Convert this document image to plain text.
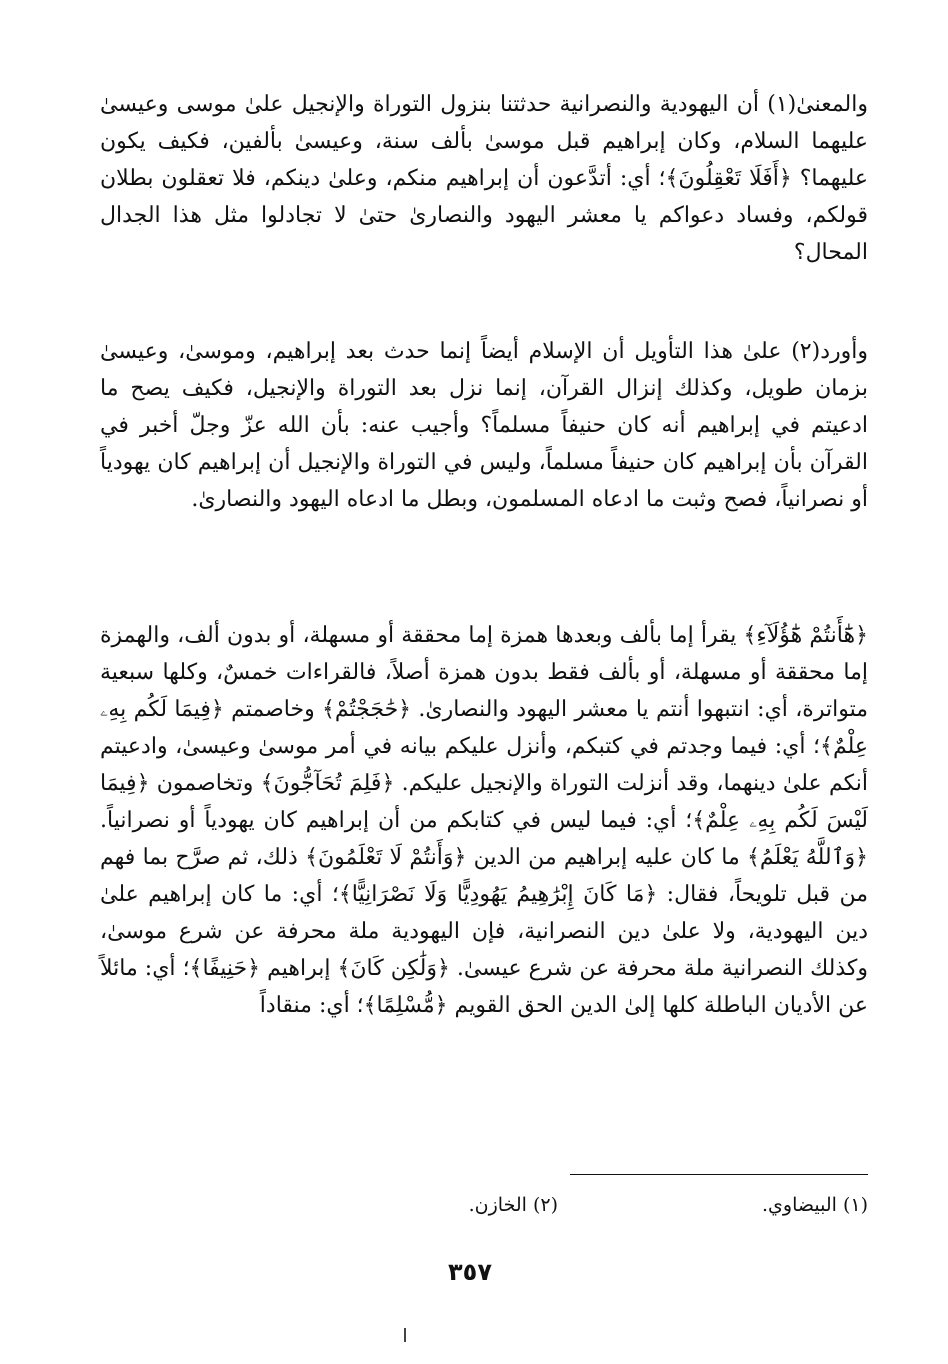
والمعنىٰ(١) أن اليهودية والنصرانية حدثتنا بنزول التوراة والإنجيل علىٰ موسى وعيسىٰ عليهما السلام، وكان إبراهيم قبل موسىٰ بألف سنة، وعيسىٰ بألفين، فكيف يكون عليهما؟ ﴿أَفَلَا تَعْقِلُونَ﴾؛ أي: أتدَّعون أن إبراهيم منكم، وعلىٰ دينكم، فلا تعقلون بطلان قولكم، وفساد دعواكم يا معشر اليهود والنصارىٰ حتىٰ لا تجادلوا مثل هذا الجدال المحال؟

وأورد(٢) علىٰ هذا التأويل أن الإسلام أيضاً إنما حدث بعد إبراهيم، وموسىٰ، وعيسىٰ بزمان طويل، وكذلك إنزال القرآن، إنما نزل بعد التوراة والإنجيل، فكيف يصح ما ادعيتم في إبراهيم أنه كان حنيفاً مسلماً؟ وأجيب عنه: بأن الله عزّ وجلّ أخبر في القرآن بأن إبراهيم كان حنيفاً مسلماً، وليس في التوراة والإنجيل أن إبراهيم كان يهودياً أو نصرانياً، فصح وثبت ما ادعاه المسلمون، وبطل ما ادعاه اليهود والنصارىٰ.

﴿هَٰٓأَنتُمْ هَٰٓؤُلَآءِ﴾ يقرأ إما بألف وبعدها همزة إما محققة أو مسهلة، أو بدون ألف، والهمزة إما محققة أو مسهلة، أو بألف فقط بدون همزة أصلاً، فالقراءات خمسٌ، وكلها سبعية متواترة، أي: انتبهوا أنتم يا معشر اليهود والنصارىٰ. ﴿حَٰجَجْتُمْ﴾ وخاصمتم ﴿فِيمَا لَكُم بِهِۦ عِلْمٌ﴾؛ أي: فيما وجدتم في كتبكم، وأنزل عليكم بيانه في أمر موسىٰ وعيسىٰ، وادعيتم أنكم علىٰ دينهما، وقد أنزلت التوراة والإنجيل عليكم. ﴿فَلِمَ تُحَآجُّونَ﴾ وتخاصمون ﴿فِيمَا لَيْسَ لَكُم بِهِۦ عِلْمٌ﴾؛ أي: فيما ليس في كتابكم من أن إبراهيم كان يهودياً أو نصرانياً. ﴿وَٱللَّهُ يَعْلَمُ﴾ ما كان عليه إبراهيم من الدين ﴿وَأَنتُمْ لَا تَعْلَمُونَ﴾ ذلك، ثم صرَّح بما فهم من قبل تلويحاً، فقال: ﴿مَا كَانَ إِبْرَٰهِيمُ يَهُودِيًّا وَلَا نَصْرَانِيًّا﴾؛ أي: ما كان إبراهيم علىٰ دين اليهودية، ولا علىٰ دين النصرانية، فإن اليهودية ملة محرفة عن شرع موسىٰ، وكذلك النصرانية ملة محرفة عن شرع عيسىٰ. ﴿وَلَٰكِن كَانَ﴾ إبراهيم ﴿حَنِيفًا﴾؛ أي: مائلاً عن الأديان الباطلة كلها إلىٰ الدين الحق القويم ﴿مُّسْلِمًا﴾؛ أي: منقاداً

(١) البيضاوي.
(٢) الخازن.
٣٥٧
